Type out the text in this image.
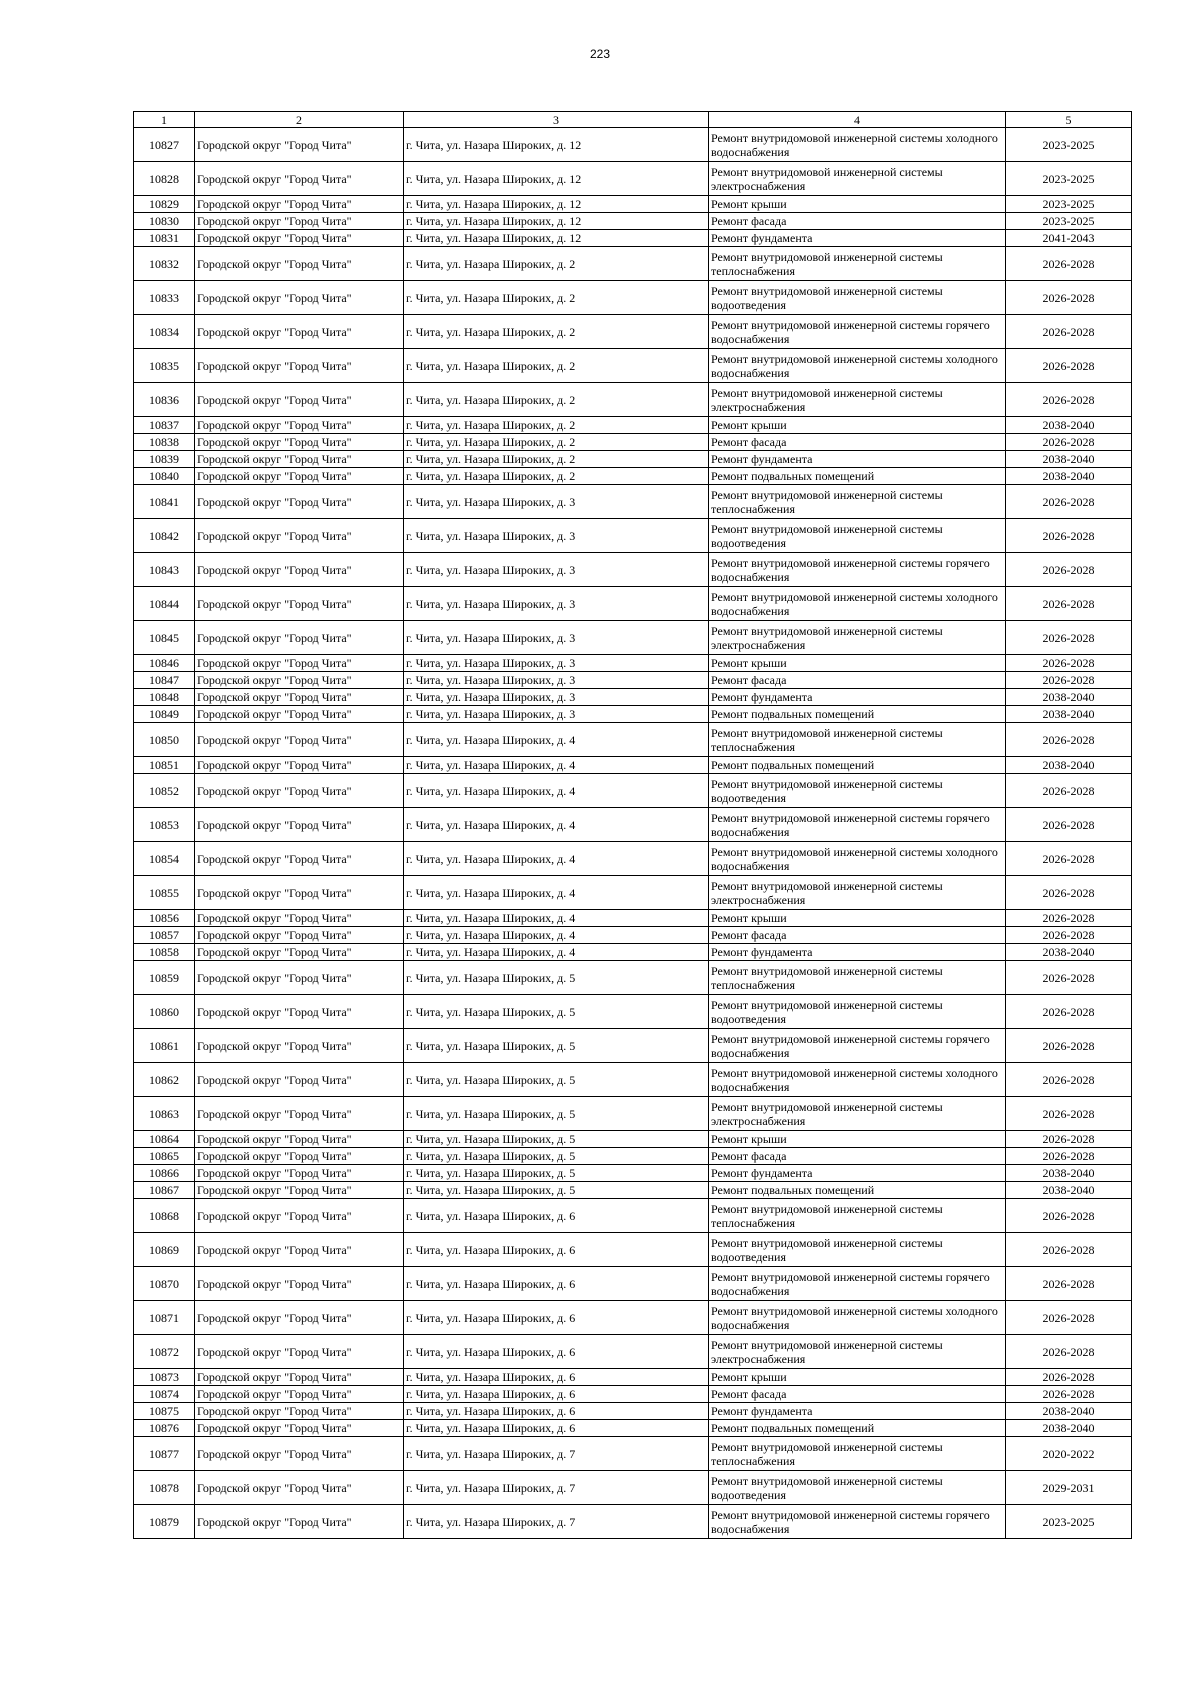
223
1	2	3	4	5
10827	Городской округ "Город Чита"	г. Чита, ул. Назара Широких, д. 12	Ремонт внутридомовой инженерной системы холодного водоснабжения	2023-2025
10828	Городской округ "Город Чита"	г. Чита, ул. Назара Широких, д. 12	Ремонт внутридомовой инженерной системы электроснабжения	2023-2025
10829	Городской округ "Город Чита"	г. Чита, ул. Назара Широких, д. 12	Ремонт крыши	2023-2025
10830	Городской округ "Город Чита"	г. Чита, ул. Назара Широких, д. 12	Ремонт фасада	2023-2025
10831	Городской округ "Город Чита"	г. Чита, ул. Назара Широких, д. 12	Ремонт фундамента	2041-2043
10832	Городской округ "Город Чита"	г. Чита, ул. Назара Широких, д. 2	Ремонт внутридомовой инженерной системы теплоснабжения	2026-2028
10833	Городской округ "Город Чита"	г. Чита, ул. Назара Широких, д. 2	Ремонт внутридомовой инженерной системы водоотведения	2026-2028
10834	Городской округ "Город Чита"	г. Чита, ул. Назара Широких, д. 2	Ремонт внутридомовой инженерной системы горячего водоснабжения	2026-2028
10835	Городской округ "Город Чита"	г. Чита, ул. Назара Широких, д. 2	Ремонт внутридомовой инженерной системы холодного водоснабжения	2026-2028
10836	Городской округ "Город Чита"	г. Чита, ул. Назара Широких, д. 2	Ремонт внутридомовой инженерной системы электроснабжения	2026-2028
10837	Городской округ "Город Чита"	г. Чита, ул. Назара Широких, д. 2	Ремонт крыши	2038-2040
10838	Городской округ "Город Чита"	г. Чита, ул. Назара Широких, д. 2	Ремонт фасада	2026-2028
10839	Городской округ "Город Чита"	г. Чита, ул. Назара Широких, д. 2	Ремонт фундамента	2038-2040
10840	Городской округ "Город Чита"	г. Чита, ул. Назара Широких, д. 2	Ремонт подвальных помещений	2038-2040
10841	Городской округ "Город Чита"	г. Чита, ул. Назара Широких, д. 3	Ремонт внутридомовой инженерной системы теплоснабжения	2026-2028
10842	Городской округ "Город Чита"	г. Чита, ул. Назара Широких, д. 3	Ремонт внутридомовой инженерной системы водоотведения	2026-2028
10843	Городской округ "Город Чита"	г. Чита, ул. Назара Широких, д. 3	Ремонт внутридомовой инженерной системы горячего водоснабжения	2026-2028
10844	Городской округ "Город Чита"	г. Чита, ул. Назара Широких, д. 3	Ремонт внутридомовой инженерной системы холодного водоснабжения	2026-2028
10845	Городской округ "Город Чита"	г. Чита, ул. Назара Широких, д. 3	Ремонт внутридомовой инженерной системы электроснабжения	2026-2028
10846	Городской округ "Город Чита"	г. Чита, ул. Назара Широких, д. 3	Ремонт крыши	2026-2028
10847	Городской округ "Город Чита"	г. Чита, ул. Назара Широких, д. 3	Ремонт фасада	2026-2028
10848	Городской округ "Город Чита"	г. Чита, ул. Назара Широких, д. 3	Ремонт фундамента	2038-2040
10849	Городской округ "Город Чита"	г. Чита, ул. Назара Широких, д. 3	Ремонт подвальных помещений	2038-2040
10850	Городской округ "Город Чита"	г. Чита, ул. Назара Широких, д. 4	Ремонт внутридомовой инженерной системы теплоснабжения	2026-2028
10851	Городской округ "Город Чита"	г. Чита, ул. Назара Широких, д. 4	Ремонт подвальных помещений	2038-2040
10852	Городской округ "Город Чита"	г. Чита, ул. Назара Широких, д. 4	Ремонт внутридомовой инженерной системы водоотведения	2026-2028
10853	Городской округ "Город Чита"	г. Чита, ул. Назара Широких, д. 4	Ремонт внутридомовой инженерной системы горячего водоснабжения	2026-2028
10854	Городской округ "Город Чита"	г. Чита, ул. Назара Широких, д. 4	Ремонт внутридомовой инженерной системы холодного водоснабжения	2026-2028
10855	Городской округ "Город Чита"	г. Чита, ул. Назара Широких, д. 4	Ремонт внутридомовой инженерной системы электроснабжения	2026-2028
10856	Городской округ "Город Чита"	г. Чита, ул. Назара Широких, д. 4	Ремонт крыши	2026-2028
10857	Городской округ "Город Чита"	г. Чита, ул. Назара Широких, д. 4	Ремонт фасада	2026-2028
10858	Городской округ "Город Чита"	г. Чита, ул. Назара Широких, д. 4	Ремонт фундамента	2038-2040
10859	Городской округ "Город Чита"	г. Чита, ул. Назара Широких, д. 5	Ремонт внутридомовой инженерной системы теплоснабжения	2026-2028
10860	Городской округ "Город Чита"	г. Чита, ул. Назара Широких, д. 5	Ремонт внутридомовой инженерной системы водоотведения	2026-2028
10861	Городской округ "Город Чита"	г. Чита, ул. Назара Широких, д. 5	Ремонт внутридомовой инженерной системы горячего водоснабжения	2026-2028
10862	Городской округ "Город Чита"	г. Чита, ул. Назара Широких, д. 5	Ремонт внутридомовой инженерной системы холодного водоснабжения	2026-2028
10863	Городской округ "Город Чита"	г. Чита, ул. Назара Широких, д. 5	Ремонт внутридомовой инженерной системы электроснабжения	2026-2028
10864	Городской округ "Город Чита"	г. Чита, ул. Назара Широких, д. 5	Ремонт крыши	2026-2028
10865	Городской округ "Город Чита"	г. Чита, ул. Назара Широких, д. 5	Ремонт фасада	2026-2028
10866	Городской округ "Город Чита"	г. Чита, ул. Назара Широких, д. 5	Ремонт фундамента	2038-2040
10867	Городской округ "Город Чита"	г. Чита, ул. Назара Широких, д. 5	Ремонт подвальных помещений	2038-2040
10868	Городской округ "Город Чита"	г. Чита, ул. Назара Широких, д. 6	Ремонт внутридомовой инженерной системы теплоснабжения	2026-2028
10869	Городской округ "Город Чита"	г. Чита, ул. Назара Широких, д. 6	Ремонт внутридомовой инженерной системы водоотведения	2026-2028
10870	Городской округ "Город Чита"	г. Чита, ул. Назара Широких, д. 6	Ремонт внутридомовой инженерной системы горячего водоснабжения	2026-2028
10871	Городской округ "Город Чита"	г. Чита, ул. Назара Широких, д. 6	Ремонт внутридомовой инженерной системы холодного водоснабжения	2026-2028
10872	Городской округ "Город Чита"	г. Чита, ул. Назара Широких, д. 6	Ремонт внутридомовой инженерной системы электроснабжения	2026-2028
10873	Городской округ "Город Чита"	г. Чита, ул. Назара Широких, д. 6	Ремонт крыши	2026-2028
10874	Городской округ "Город Чита"	г. Чита, ул. Назара Широких, д. 6	Ремонт фасада	2026-2028
10875	Городской округ "Город Чита"	г. Чита, ул. Назара Широких, д. 6	Ремонт фундамента	2038-2040
10876	Городской округ "Город Чита"	г. Чита, ул. Назара Широких, д. 6	Ремонт подвальных помещений	2038-2040
10877	Городской округ "Город Чита"	г. Чита, ул. Назара Широких, д. 7	Ремонт внутридомовой инженерной системы теплоснабжения	2020-2022
10878	Городской округ "Город Чита"	г. Чита, ул. Назара Широких, д. 7	Ремонт внутридомовой инженерной системы водоотведения	2029-2031
10879	Городской округ "Город Чита"	г. Чита, ул. Назара Широких, д. 7	Ремонт внутридомовой инженерной системы горячего водоснабжения	2023-2025
